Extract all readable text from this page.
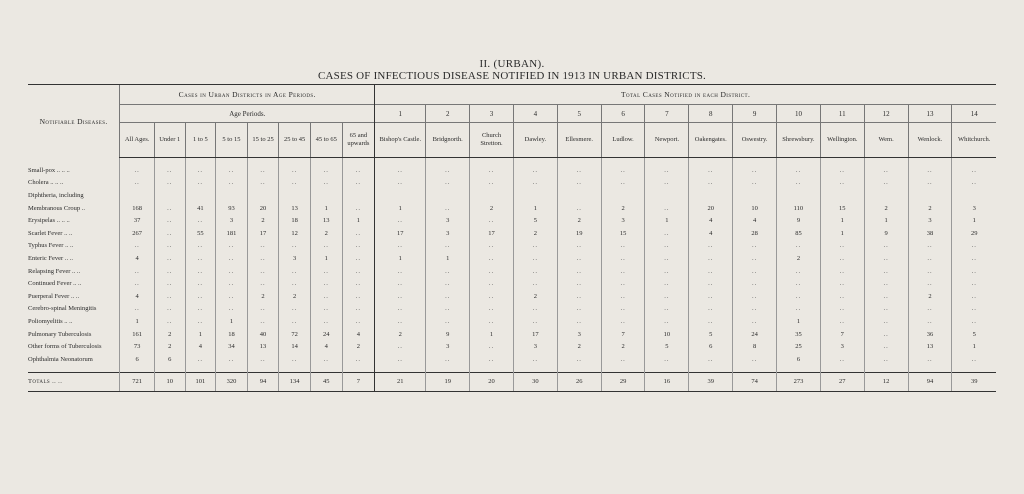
II. (URBAN).
CASES OF INFECTIOUS DISEASE NOTIFIED IN 1913 IN URBAN DISTRICTS.
Notifiable Diseases.	Cases in Urban Districts in Age Periods.								Total Cases Notified in each District.													
	Age Periods.								1	2	3	4	5	6	7	8	9	10	11	12	13	14
	All Ages.	Under 1	1 to 5	5 to 15	15 to 25	25 to 45	45 to 65	65 and upwards	Bishop's Castle.	Bridgnorth.	Church Stretton.	Dawley.	Ellesmere.	Ludlow.	Newport.	Oakengates.	Oswestry.	Shrewsbury.	Wellington.	Wem.	Wenlock.	Whitchurch.

Small-pox .. .. ..	..	..	..	..	..	..	..	..	..	..	..	..	..	..	..	..	..	..	..	..	..	..
Cholera .. .. ..	..	..	..	..	..	..	..	..	..	..	..	..	..	..	..	..	..	..	..	..	..	..
Diphtheria, including																						
Membranous Croup ..	168	..	41	93	20	13	1	..	1	..	2	1	..	2	..	20	10	110	15	2	2	3
Erysipelas .. .. ..	37	..	..	3	2	18	13	1	..	3	..	5	2	3	1	4	4	9	1	1	3	1
Scarlet Fever .. ..	267	..	55	181	17	12	2	..	17	3	17	2	19	15	..	4	28	85	1	9	38	29
Typhus Fever .. ..	..	..	..	..	..	..	..	..	..	..	..	..	..	..	..	..	..	..	..	..	..	..
Enteric Fever .. ..	4	..	..	..	..	3	1	..	1	1	..	..	..	..	..	..	..	2	..	..	..	..
Relapsing Fever .. ..	..	..	..	..	..	..	..	..	..	..	..	..	..	..	..	..	..	..	..	..	..	..
Continued Fever .. ..	..	..	..	..	..	..	..	..	..	..	..	..	..	..	..	..	..	..	..	..	..	..
Puerperal Fever .. ..	4	..	..	..	2	2	..	..	..	..	..	2	..	..	..	..	..	..	..	..	2	..
Cerebro-spinal Meningitis	..	..	..	..	..	..	..	..	..	..	..	..	..	..	..	..	..	..	..	..	..	..
Poliomyelitis .. ..	1	..	..	1	..	..	..	..	..	..	..	..	..	..	..	..	..	1	..	..	..	..
Pulmonary Tuberculosis	161	2	1	18	40	72	24	4	2	9	1	17	3	7	10	5	24	35	7	..	36	5
Other forms of Tuberculosis	73	2	4	34	13	14	4	2	..	3	..	3	2	2	5	6	8	25	3	..	13	1
Ophthalmia Neonatorum	6	6	..	..	..	..	..	..	..	..	..	..	..	..	..	..	..	6	..	..	..	..

Totals .. ..	721	10	101	320	94	134	45	7	21	19	20	30	26	29	16	39	74	273	27	12	94	39
